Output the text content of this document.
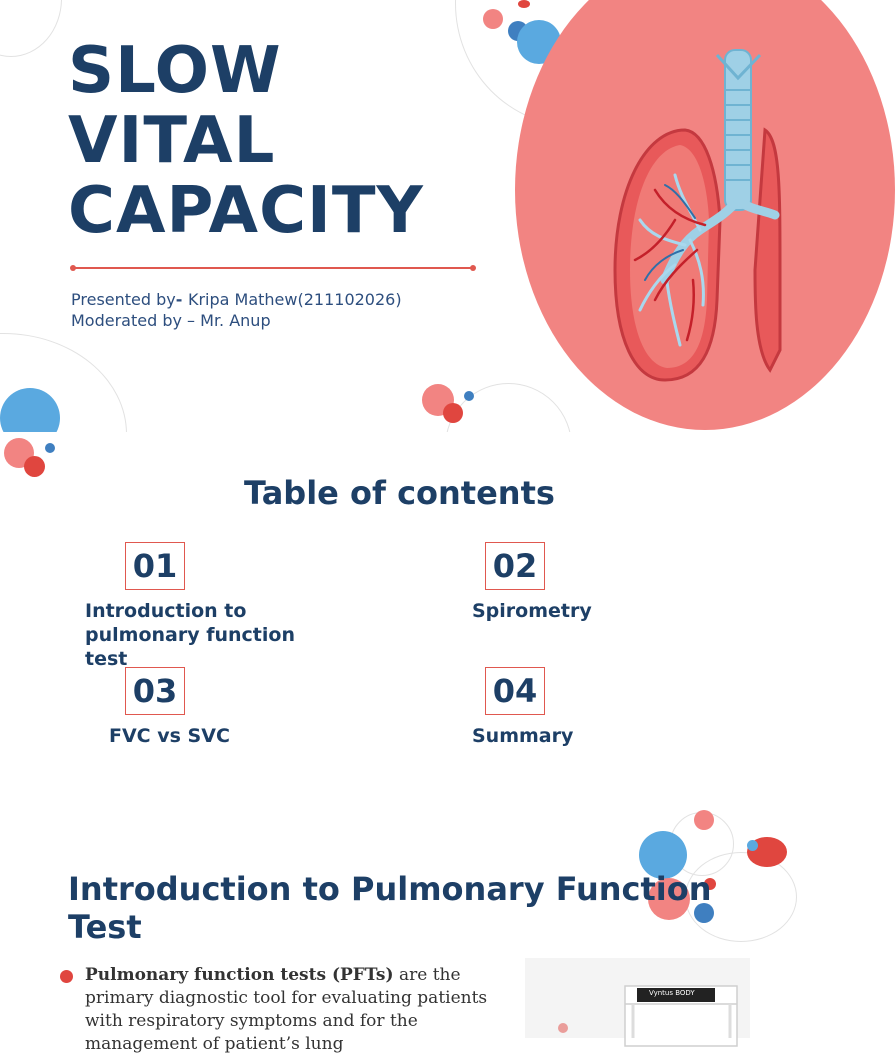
SLOW
VITAL
CAPACITY
Presented by- Kripa Mathew(211102026)
Moderated by – Mr. Anup
Table of contents
01
Introduction to pulmonary function test
02
Spirometry
03
FVC vs SVC
04
Summary
Introduction to Pulmonary Function Test

Pulmonary function tests (PFTs) are the primary diagnostic tool for evaluating patients with respiratory symptoms and for the management of patient’s lung

Vyntus BODY
